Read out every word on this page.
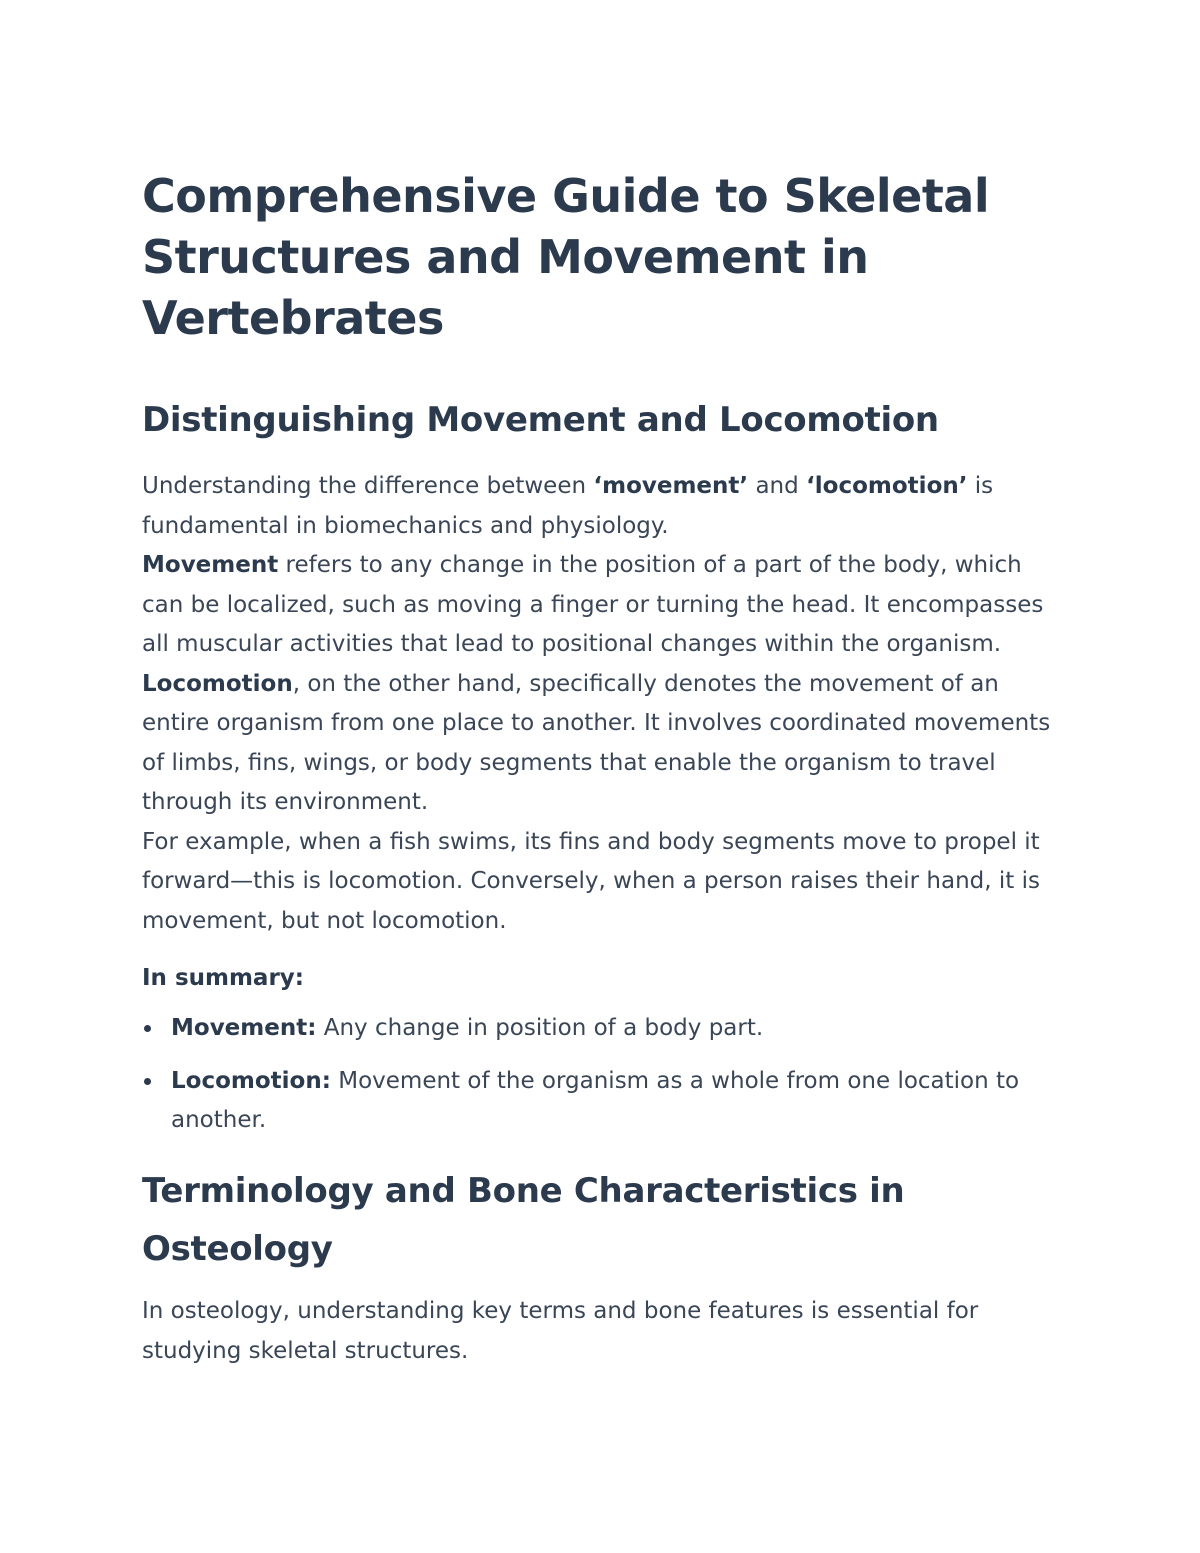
Comprehensive Guide to Skeletal Structures and Movement in Vertebrates
Distinguishing Movement and Locomotion

Understanding the difference between ‘movement’ and ‘locomotion’ is fundamental in biomechanics and physiology.

Movement refers to any change in the position of a part of the body, which can be localized, such as moving a finger or turning the head. It encompasses all muscular activities that lead to positional changes within the organism.

Locomotion, on the other hand, specifically denotes the movement of an entire organism from one place to another. It involves coordinated movements of limbs, fins, wings, or body segments that enable the organism to travel through its environment.

For example, when a fish swims, its fins and body segments move to propel it forward—this is locomotion. Conversely, when a person raises their hand, it is movement, but not locomotion.

In summary:
Movement: Any change in position of a body part.
Locomotion: Movement of the organism as a whole from one location to another.
Terminology and Bone Characteristics in Osteology

In osteology, understanding key terms and bone features is essential for studying skeletal structures.
